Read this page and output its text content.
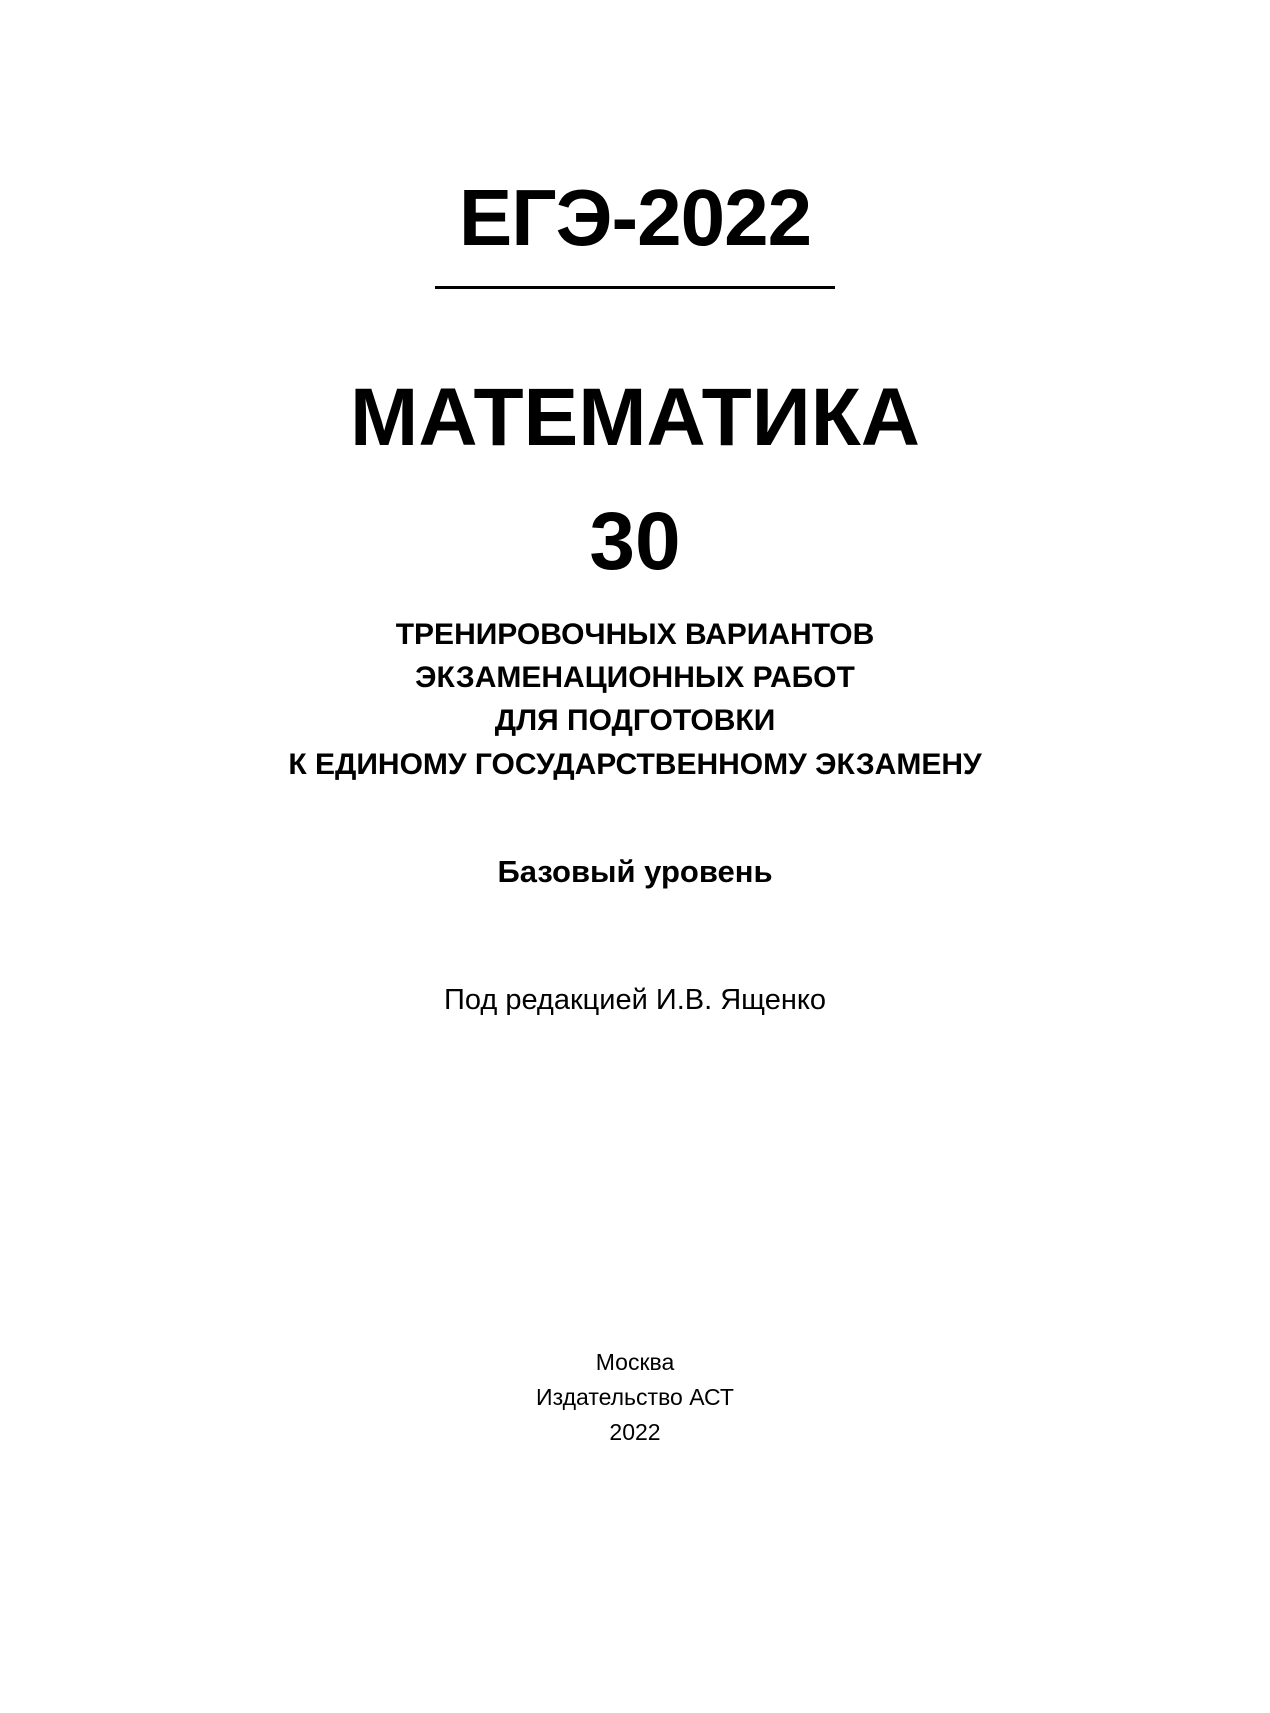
ЕГЭ-2022
МАТЕМАТИКА
30
ТРЕНИРОВОЧНЫХ ВАРИАНТОВ
ЭКЗАМЕНАЦИОННЫХ РАБОТ
ДЛЯ ПОДГОТОВКИ
К ЕДИНОМУ ГОСУДАРСТВЕННОМУ ЭКЗАМЕНУ
Базовый уровень
Под редакцией И.В. Ященко
Москва
Издательство АСТ
2022
